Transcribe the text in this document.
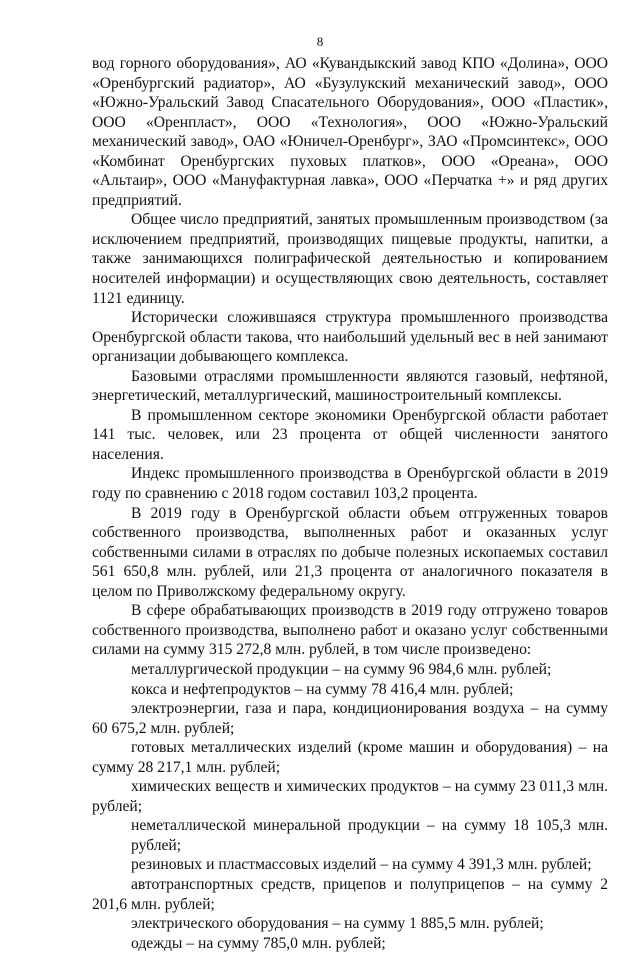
8

вод горного оборудования», АО «Кувандыкский завод КПО «Долина», ООО «Оренбургский радиатор», АО «Бузулукский механический завод», ООО «Южно-Уральский Завод Спасательного Оборудования», ООО «Пластик», ООО «Оренпласт», ООО «Технология», ООО «Южно-Уральский механический завод», ОАО «Юничел-Оренбург», ЗАО «Промсинтекс», ООО «Комбинат Оренбургских пуховых платков», ООО «Ореана», ООО «Альтаир», ООО «Мануфактурная лавка», ООО «Перчатка +» и ряд других предприятий.

Общее число предприятий, занятых промышленным производством (за исключением предприятий, производящих пищевые продукты, напитки, а также занимающихся полиграфической деятельностью и копированием носителей информации) и осуществляющих свою деятельность, составляет 1121 единицу.

Исторически сложившаяся структура промышленного производства Оренбургской области такова, что наибольший удельный вес в ней занимают организации добывающего комплекса.

Базовыми отраслями промышленности являются газовый, нефтяной, энергетический, металлургический, машиностроительный комплексы.

В промышленном секторе экономики Оренбургской области работает 141 тыс. человек, или 23 процента от общей численности занятого населения.

Индекс промышленного производства в Оренбургской области в 2019 году по сравнению с 2018 годом составил 103,2 процента.

В 2019 году в Оренбургской области объем отгруженных товаров собственного производства, выполненных работ и оказанных услуг собственными силами в отраслях по добыче полезных ископаемых составил 561 650,8 млн. рублей, или 21,3 процента от аналогичного показателя в целом по Приволжскому федеральному округу.

В сфере обрабатывающих производств в 2019 году отгружено товаров собственного производства, выполнено работ и оказано услуг собственными силами на сумму 315 272,8 млн. рублей, в том числе произведено:

металлургической продукции – на сумму 96 984,6 млн. рублей;

кокса и нефтепродуктов – на сумму 78 416,4 млн. рублей;

электроэнергии, газа и пара, кондиционирования воздуха – на сумму 60 675,2 млн. рублей;

готовых металлических изделий (кроме машин и оборудования) – на сумму 28 217,1 млн. рублей;

химических веществ и химических продуктов – на сумму 23 011,3 млн. рублей;

неметаллической минеральной продукции – на сумму 18 105,3 млн. рублей;

резиновых и пластмассовых изделий – на сумму 4 391,3 млн. рублей;

автотранспортных средств, прицепов и полуприцепов – на сумму 2 201,6 млн. рублей;

электрического оборудования – на сумму 1 885,5 млн. рублей;

одежды – на сумму 785,0 млн. рублей;
